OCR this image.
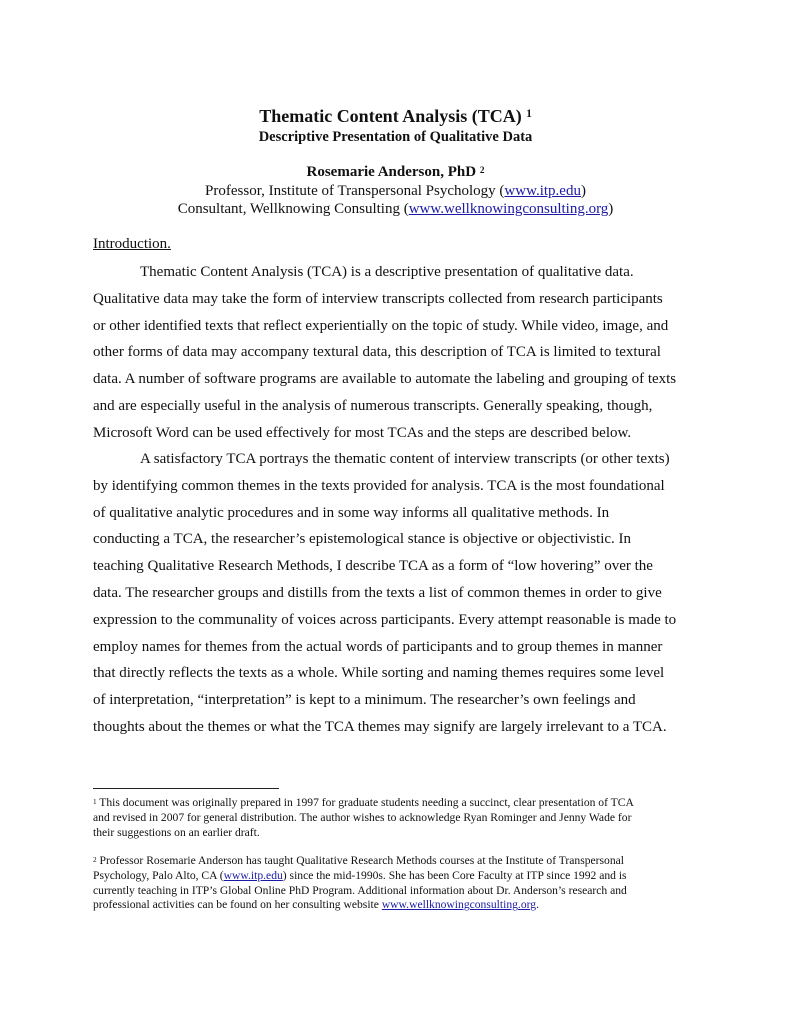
Thematic Content Analysis (TCA) $^1$
Descriptive Presentation of Qualitative Data
Rosemarie Anderson, PhD $^2$
Professor, Institute of Transpersonal Psychology (www.itp.edu)
Consultant, Wellknowing Consulting (www.wellknowingconsulting.org)
Introduction.
Thematic Content Analysis (TCA) is a descriptive presentation of qualitative data.
Qualitative data may take the form of interview transcripts collected from research participants
or other identified texts that reflect experientially on the topic of study. While video, image, and
other forms of data may accompany textural data, this description of TCA is limited to textural
data. A number of software programs are available to automate the labeling and grouping of texts
and are especially useful in the analysis of numerous transcripts. Generally speaking, though,
Microsoft Word can be used effectively for most TCAs and the steps are described below.
A satisfactory TCA portrays the thematic content of interview transcripts (or other texts)
by identifying common themes in the texts provided for analysis. TCA is the most foundational
of qualitative analytic procedures and in some way informs all qualitative methods. In
conducting a TCA, the researcher’s epistemological stance is objective or objectivistic. In
teaching Qualitative Research Methods, I describe TCA as a form of “low hovering” over the
data. The researcher groups and distills from the texts a list of common themes in order to give
expression to the communality of voices across participants. Every attempt reasonable is made to
employ names for themes from the actual words of participants and to group themes in manner
that directly reflects the texts as a whole. While sorting and naming themes requires some level
of interpretation, “interpretation” is kept to a minimum. The researcher’s own feelings and
thoughts about the themes or what the TCA themes may signify are largely irrelevant to a TCA.
$^1$ This document was originally prepared in 1997 for graduate students needing a succinct, clear presentation of TCA
and revised in 2007 for general distribution. The author wishes to acknowledge Ryan Rominger and Jenny Wade for
their suggestions on an earlier draft.
$^2$ Professor Rosemarie Anderson has taught Qualitative Research Methods courses at the Institute of Transpersonal
Psychology, Palo Alto, CA (www.itp.edu) since the mid-1990s. She has been Core Faculty at ITP since 1992 and is
currently teaching in ITP’s Global Online PhD Program. Additional information about Dr. Anderson’s research and
professional activities can be found on her consulting website www.wellknowingconsulting.org.
